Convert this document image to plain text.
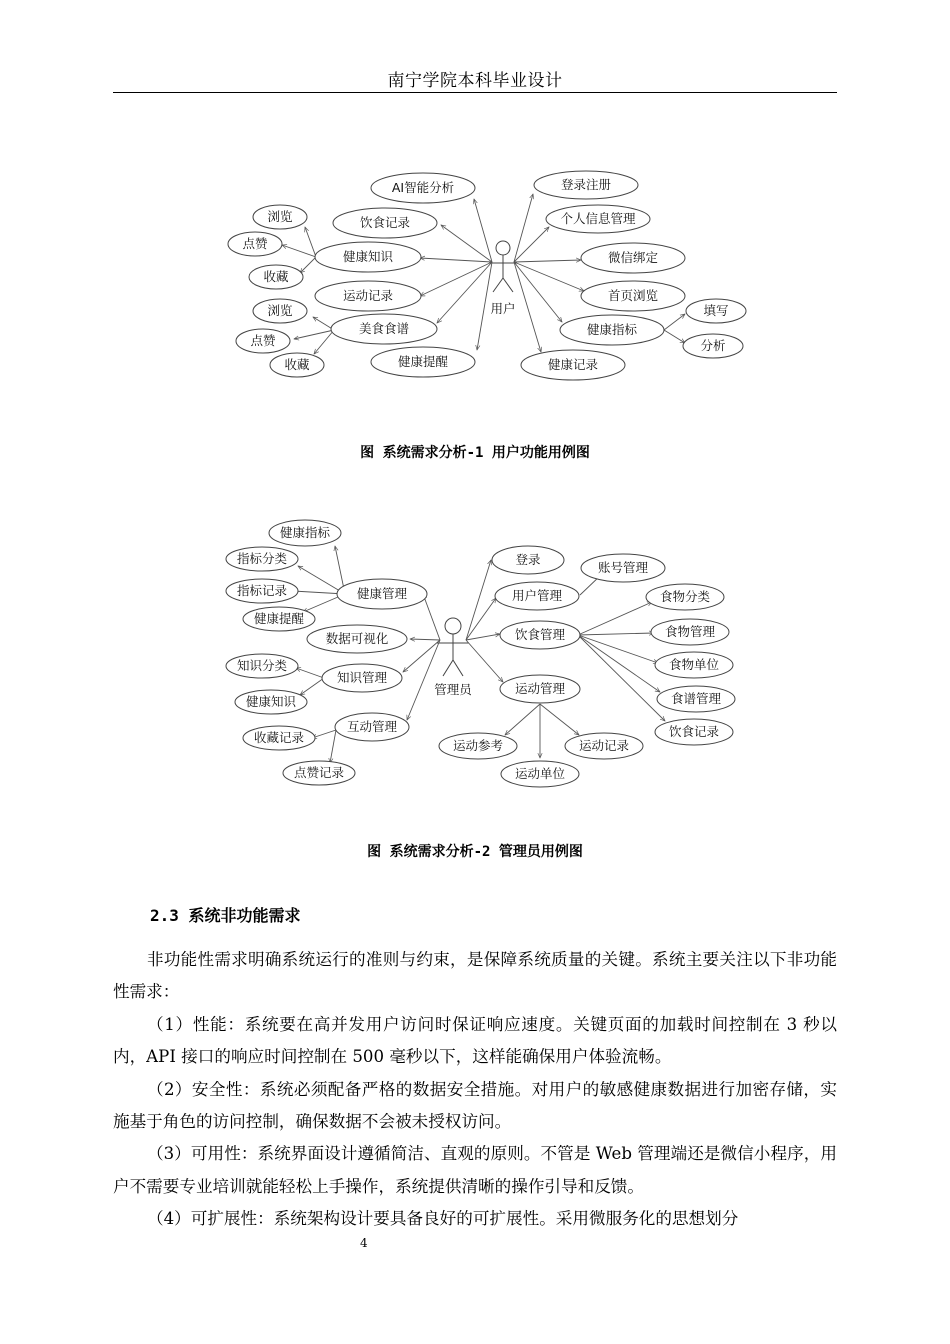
南宁学院本科毕业设计
用户
AI智能分析
饮食记录
健康知识
运动记录
美食食谱
健康提醒
登录注册
个人信息管理
微信绑定
首页浏览
健康指标
健康记录
浏览
点赞
收藏
浏览
点赞
收藏
填写
分析
图 系统需求分析-1 用户功能用例图
管理员
健康管理
健康指标
指标分类
指标记录
健康提醒
数据可视化
知识管理
知识分类
健康知识
互动管理
收藏记录
点赞记录
登录
用户管理
账号管理
饮食管理
食物分类
食物管理
食物单位
食谱管理
饮食记录
运动管理
运动参考	运动记录
运动单位
图 系统需求分析-2 管理员用例图
2.3 系统非功能需求

非功能性需求明确系统运行的准则与约束，是保障系统质量的关键。系统主要关注以下非功能性需求：

（1）性能：系统要在高并发用户访问时保证响应速度。关键页面的加载时间控制在 3 秒以内，API 接口的响应时间控制在 500 毫秒以下，这样能确保用户体验流畅。

（2）安全性：系统必须配备严格的数据安全措施。对用户的敏感健康数据进行加密存储，实施基于角色的访问控制，确保数据不会被未授权访问。

（3）可用性：系统界面设计遵循简洁、直观的原则。不管是 Web 管理端还是微信小程序，用户不需要专业培训就能轻松上手操作，系统提供清晰的操作引导和反馈。

（4）可扩展性：系统架构设计要具备良好的可扩展性。采用微服务化的思想划分

4
